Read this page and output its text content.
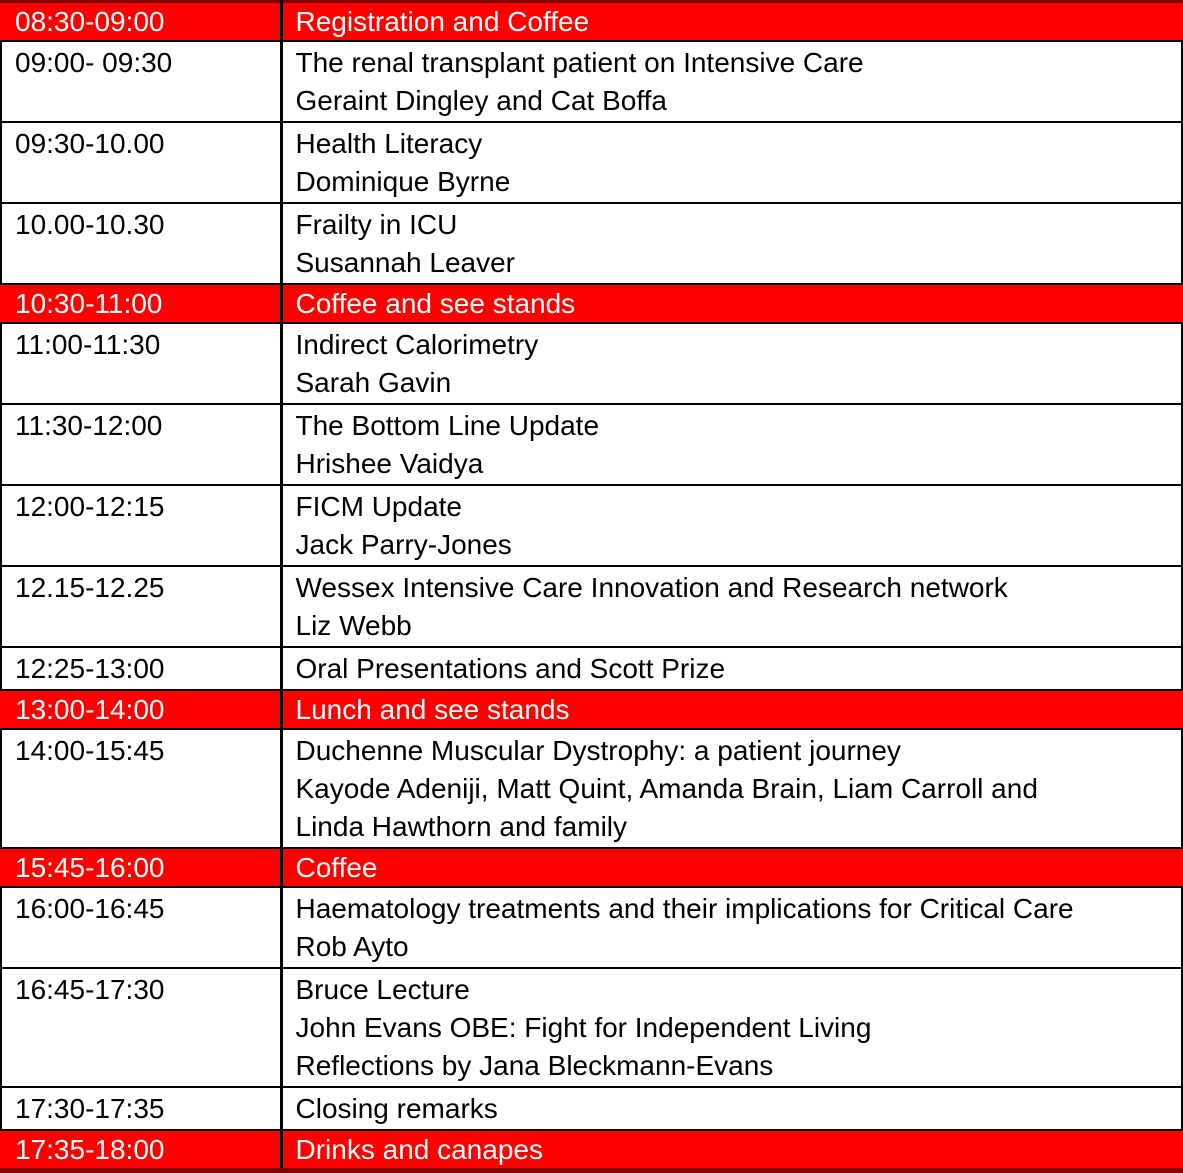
08:30-09:00	Registration and Coffee

09:00- 09:30	The renal transplant patient on Intensive Care
Geraint Dingley and Cat Boffa

09:30-10.00	Health Literacy
Dominique Byrne

10.00-10.30	Frailty in ICU
Susannah Leaver

10:30-11:00	Coffee and see stands

11:00-11:30	Indirect Calorimetry
Sarah Gavin

11:30-12:00	The Bottom Line Update
Hrishee Vaidya

12:00-12:15	FICM Update
Jack Parry-Jones

12.15-12.25	Wessex Intensive Care Innovation and Research network
Liz Webb

12:25-13:00	Oral Presentations and Scott Prize

13:00-14:00	Lunch and see stands

14:00-15:45	Duchenne Muscular Dystrophy: a patient journey
Kayode Adeniji, Matt Quint, Amanda Brain, Liam Carroll and
Linda Hawthorn and family

15:45-16:00	Coffee

16:00-16:45	Haematology treatments and their implications for Critical Care
Rob Ayto

16:45-17:30	Bruce Lecture
John Evans OBE: Fight for Independent Living
Reflections by Jana Bleckmann-Evans

17:30-17:35	Closing remarks

17:35-18:00	Drinks and canapes
